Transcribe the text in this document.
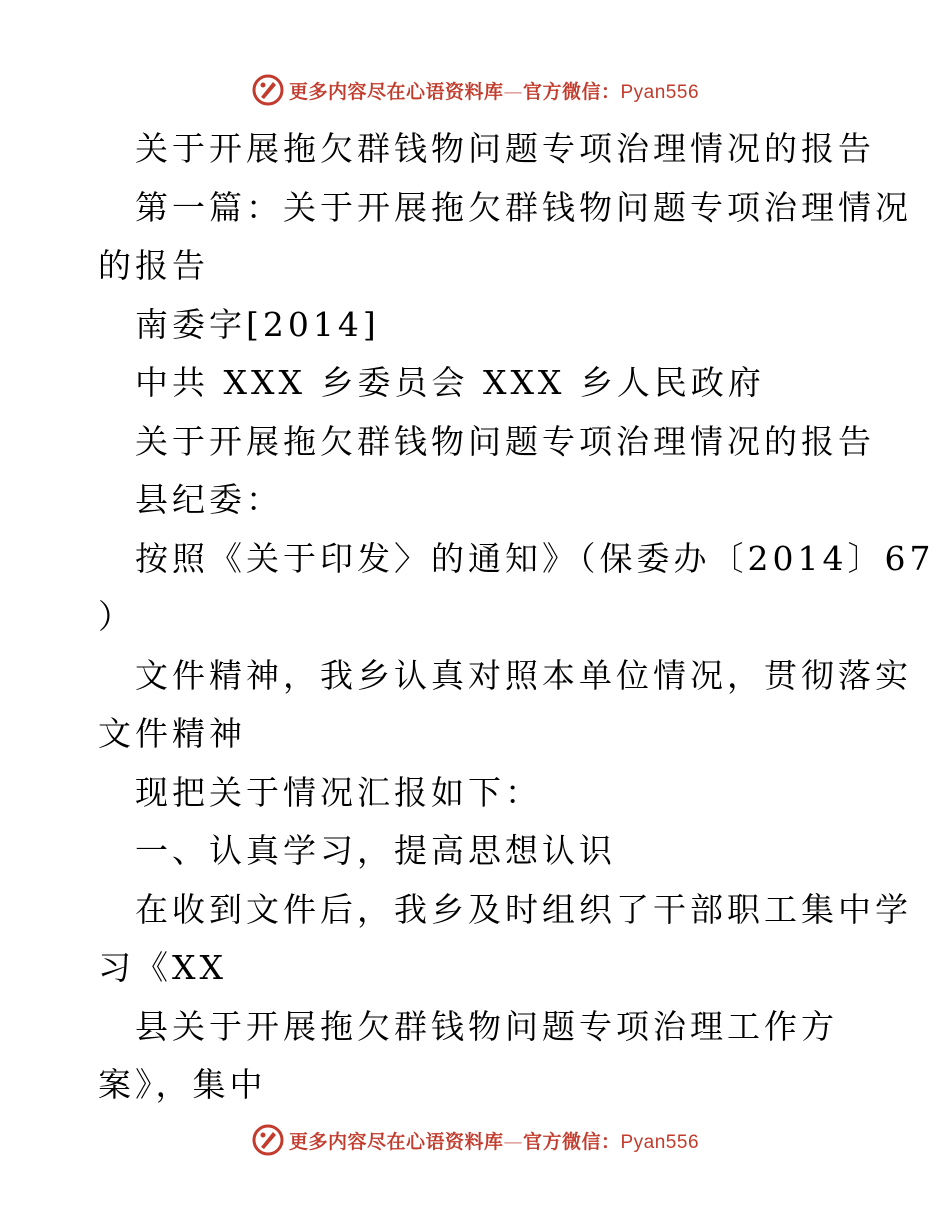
更多内容尽在心语资料库—官方微信：Pyan556

关于开展拖欠群钱物问题专项治理情况的报告

第一篇：关于开展拖欠群钱物问题专项治理情况

的报告

南委字[2014]

中共 XXX 乡委员会 XXX 乡人民政府

关于开展拖欠群钱物问题专项治理情况的报告

县纪委：

按照《关于印发〉的通知》（保委办〔2014〕67

）

文件精神，我乡认真对照本单位情况，贯彻落实

文件精神

现把关于情况汇报如下：

一、认真学习，提高思想认识

在收到文件后，我乡及时组织了干部职工集中学

习《XX

县关于开展拖欠群钱物问题专项治理工作方

案》，集中

更多内容尽在心语资料库—官方微信：Pyan556
